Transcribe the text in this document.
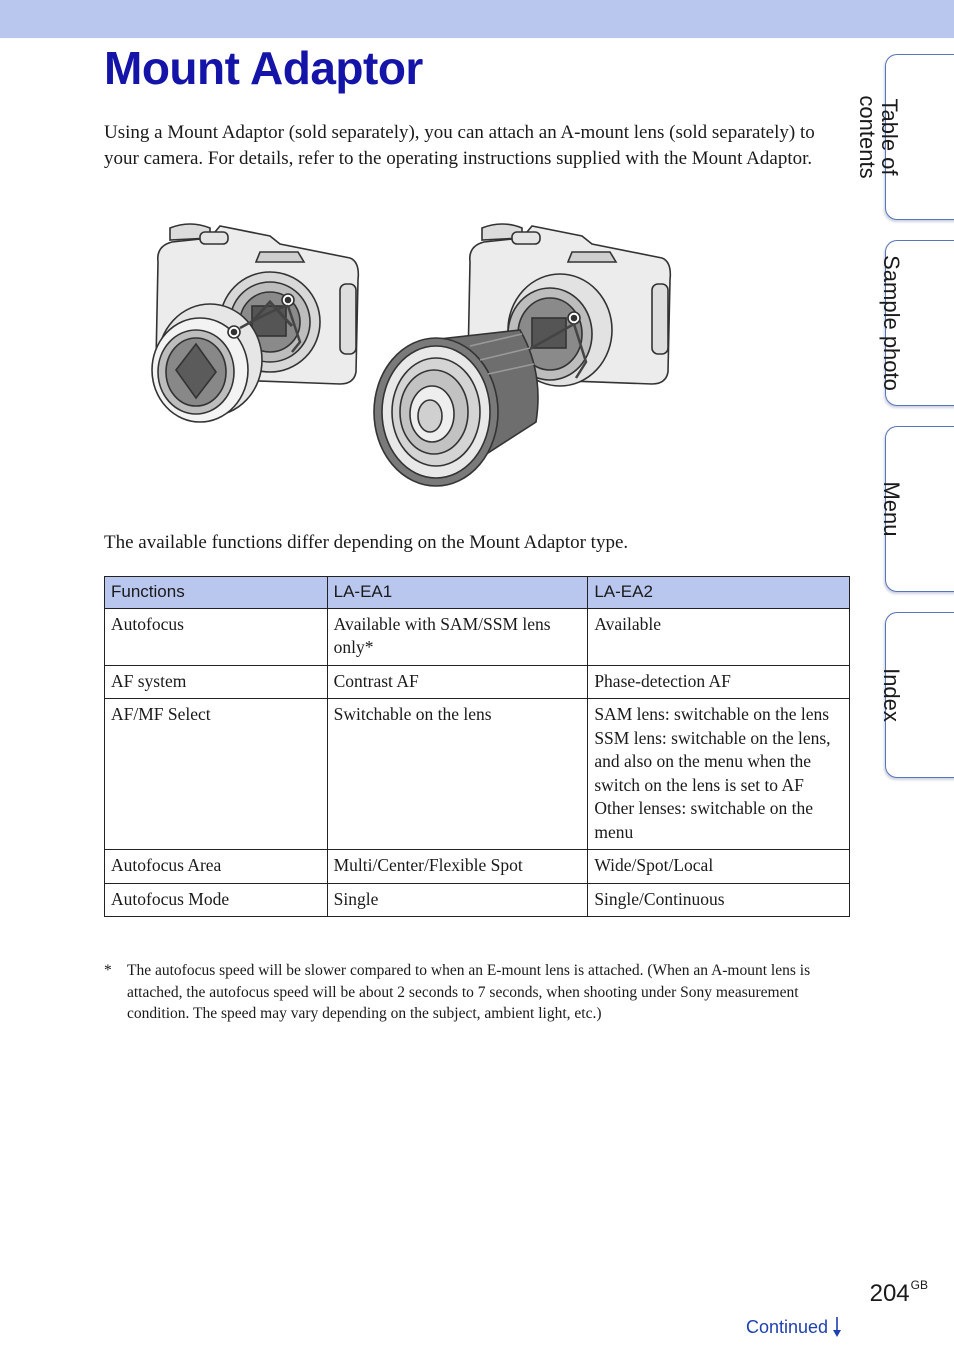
Mount Adaptor

Using a Mount Adaptor (sold separately), you can attach an A-mount lens (sold separately) to your camera. For details, refer to the operating instructions supplied with the Mount Adaptor.

The available functions differ depending on the Mount Adaptor type.

Functions	LA-EA1	LA-EA2
Autofocus	Available with SAM/SSM lens only*	Available
AF system	Contrast AF	Phase-detection AF
AF/MF Select	Switchable on the lens	SAM lens: switchable on the lens
SSM lens: switchable on the lens, and also on the menu when the switch on the lens is set to AF
Other lenses: switchable on the menu

Autofocus Area	Multi/Center/Flexible Spot	Wide/Spot/Local
Autofocus Mode	Single	Single/Continuous
* The autofocus speed will be slower compared to when an E-mount lens is attached. (When an A-mount lens is attached, the autofocus speed will be about 2 seconds to 7 seconds, when shooting under Sony measurement condition. The speed may vary depending on the subject, ambient light, etc.)
Table of
contents
Sample photo
Menu
Index
$204^{GB}$
Continued
